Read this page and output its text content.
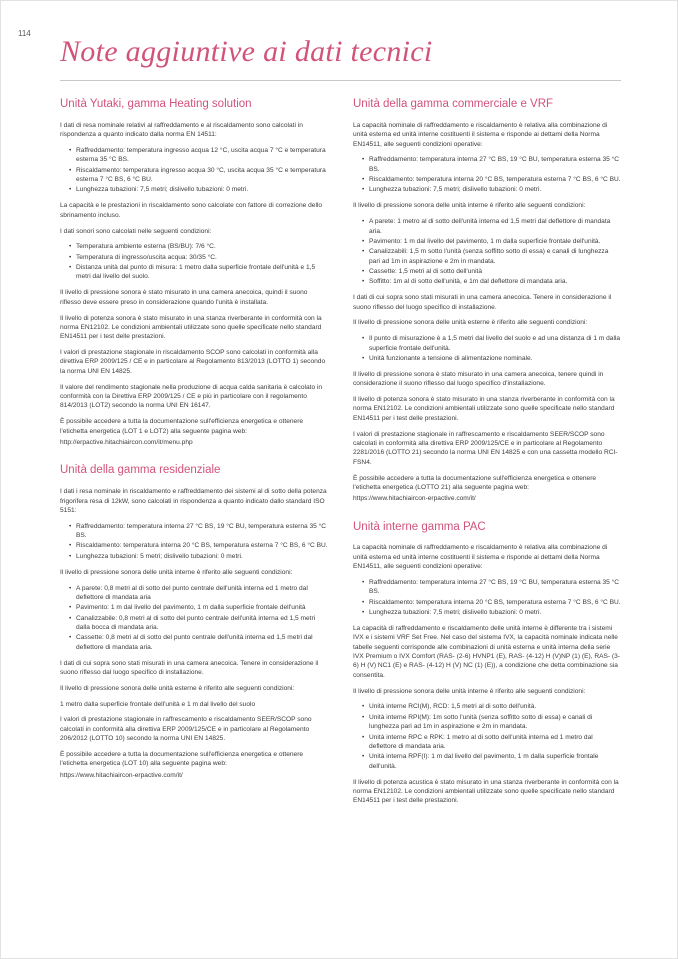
114
Note aggiuntive ai dati tecnici
Unità Yutaki, gamma Heating solution

I dati di resa nominale relativi al raffreddamento e al riscaldamento sono calcolati in rispondenza a quanto indicato dalla norma EN 14511:

• Raffreddamento: temperatura ingresso acqua 12 °C, uscita acqua 7 °C e temperatura esterna 35 °C BS.
• Riscaldamento: temperatura ingresso acqua 30 °C, uscita acqua 35 °C e temperatura esterna 7 °C BS, 6 °C BU.
• Lunghezza tubazioni: 7,5 metri; dislivello tubazioni: 0 metri.

La capacità e le prestazioni in riscaldamento sono calcolate con fattore di correzione dello sbrinamento incluso.

I dati sonori sono calcolati nelle seguenti condizioni:

• Temperatura ambiente esterna (BS/BU): 7/6 °C.
• Temperatura di ingresso/uscita acqua: 30/35 °C.
• Distanza unità dal punto di misura: 1 metro dalla superficie frontale dell'unità e 1,5 metri dal livello del suolo.

Il livello di pressione sonora è stato misurato in una camera anecoica, quindi il suono riflesso deve essere preso in considerazione quando l'unità è installata.

Il livello di potenza sonora è stato misurato in una stanza riverberante in conformità con la norma EN12102. Le condizioni ambientali utilizzate sono quelle specificate nello standard EN14511 per i test delle prestazioni.

I valori di prestazione stagionale in riscaldamento SCOP sono calcolati in conformità alla direttiva ERP 2009/125 / CE e in particolare al Regolamento 813/2013 (LOTTO 1) secondo la norma UNI EN 14825.

Il valore del rendimento stagionale nella produzione di acqua calda sanitaria è calcolato in conformità con la Direttiva ERP 2009/125 / CE e più in particolare con il regolamento 814/2013 (LOT2) secondo la norma UNI EN 16147.

È possibile accedere a tutta la documentazione sull'efficienza energetica e ottenere l'etichetta energetica (LOT 1 e LOT2) alla seguente pagina web:

http://erpactive.hitachiaircon.com/it/menu.php
Unità della gamma residenziale

I dati i resa nominale in riscaldamento e raffreddamento dei sistemi al di sotto della potenza frigorifera resa di 12kW, sono calcolati in rispondenza a quanto indicato dallo standard ISO 5151:

• Raffreddamento: temperatura interna 27 °C BS, 19 °C BU, temperatura esterna 35 °C BS.
• Riscaldamento: temperatura interna 20 °C BS, temperatura esterna 7 °C BS, 6 °C BU.
• Lunghezza tubazioni: 5 metri; dislivello tubazioni: 0 metri.

Il livello di pressione sonora delle unità interne è riferito alle seguenti condizioni:

• A parete: 0,8 metri al di sotto del punto centrale dell'unità interna ed 1 metro dal deflettore di mandata aria
• Pavimento: 1 m dal livello del pavimento, 1 m dalla superficie frontale dell'unità
• Canalizzabile: 0,8 metri al di sotto del punto centrale dell'unità interna ed 1,5 metri dalla bocca di mandata aria.
• Cassette: 0,8 metri al di sotto del punto centrale dell'unità interna ed 1,5 metri dal deflettore di mandata aria.

I dati di cui sopra sono stati misurati in una camera anecoica. Tenere in considerazione il suono riflesso dal luogo specifico di installazione.

Il livello di pressione sonora delle unità esterne è riferito alle seguenti condizioni:

1 metro dalla superficie frontale dell'unità e 1 m dal livello del suolo

I valori di prestazione stagionale in raffrescamento e riscaldamento SEER/SCOP sono calcolati in conformità alla direttiva ERP 2009/125/CE e in particolare al Regolamento 206/2012 (LOTTO 10) secondo la norma UNI EN 14825.

È possibile accedere a tutta la documentazione sull'efficienza energetica e ottenere l'etichetta energetica (LOT 10) alla seguente pagina web:

https://www.hitachiaircon-erpactive.com/it/
Unità della gamma commerciale e VRF

La capacità nominale di raffreddamento e riscaldamento è relativa alla combinazione di unità esterna ed unità interne costituenti il sistema e risponde ai dettami della Norma EN14511, alle seguenti condizioni operative:

• Raffreddamento: temperatura interna 27 °C BS, 19 °C BU, temperatura esterna 35 °C BS.
• Riscaldamento: temperatura interna 20 °C BS, temperatura esterna 7 °C BS, 6 °C BU.
• Lunghezza tubazioni: 7,5 metri; dislivello tubazioni: 0 metri.

Il livello di pressione sonora delle unità interne è riferito alle seguenti condizioni:

• A parete: 1 metro al di sotto dell'unità interna ed 1,5 metri dal deflettore di mandata aria.
• Pavimento: 1 m dal livello del pavimento, 1 m dalla superficie frontale dell'unità.
• Canalizzabili: 1,5 m sotto l'unità (senza soffitto sotto di essa) e canali di lunghezza pari ad 1m in aspirazione e 2m in mandata.
• Cassette: 1,5 metri al di sotto dell'unità
• Soffitto: 1m al di sotto dell'unità, e 1m dal deflettore di mandata aria.

I dati di cui sopra sono stati misurati in una camera anecoica. Tenere in considerazione il suono riflesso del luogo specifico di installazione.

Il livello di pressione sonora delle unità esterne è riferito alle seguenti condizioni:

• Il punto di misurazione è a 1,5 metri dal livello del suolo e ad una distanza di 1 m dalla superficie frontale dell'unità.
• Unità funzionante a tensione di alimentazione nominale.

Il livello di pressione sonora è stato misurato in una camera anecoica, tenere quindi in considerazione il suono riflesso dal luogo specifico d'installazione.

Il livello di potenza sonora è stato misurato in una stanza riverberante in conformità con la norma EN12102. Le condizioni ambientali utilizzate sono quelle specificate nello standard EN14511 per i test delle prestazioni.

I valori di prestazione stagionale in raffrescamento e riscaldamento SEER/SCOP sono calcolati in conformità alla direttiva ERP 2009/125/CE e in particolare al Regolamento 2281/2016 (LOTTO 21) secondo la norma UNI EN 14825 e con una cassetta modello RCI-FSN4.

È possibile accedere a tutta la documentazione sull'efficienza energetica e ottenere l'etichetta energetica (LOTTO 21) alla seguente pagina web:

https://www.hitachiaircon-erpactive.com/it/
Unità interne gamma PAC

La capacità nominale di raffreddamento e riscaldamento è relativa alla combinazione di unità esterna ed unità interne costituenti il sistema e risponde ai dettami della Norma EN14511, alle seguenti condizioni operative:

• Raffreddamento: temperatura interna 27 °C BS, 19 °C BU, temperatura esterna 35 °C BS.
• Riscaldamento: temperatura interna 20 °C BS, temperatura esterna 7 °C BS, 6 °C BU.
• Lunghezza tubazioni: 7,5 metri; dislivello tubazioni: 0 metri.

La capacità di raffreddamento e riscaldamento delle unità interne è differente tra i sistemi IVX e i sistemi VRF Set Free. Nel caso del sistema IVX, la capacità nominale indicata nelle tabelle seguenti corrisponde alle combinazioni di unità esterna e unità interna della serie IVX Premium o IVX Comfort (RAS- (2-6) HVNP1 (E), RAS- (4-12) H (V)NP (1) (E), RAS- (3-6) H (V) NC1 (E) e RAS- (4-12) H (V) NC (1) (E)), a condizione che detta combinazione sia consentita.

Il livello di pressione sonora delle unità interne è riferito alle seguenti condizioni:

• Unità interne RCI(M), RCD: 1,5 metri al di sotto dell'unità.
• Unità interne RPI(M): 1m sotto l'unità (senza soffitto sotto di essa) e canali di lunghezza pari ad 1m in aspirazione e 2m in mandata.
• Unità interne RPC e RPK: 1 metro al di sotto dell'unità interna ed 1 metro dal deflettore di mandata aria.
• Unità interna RPF(I): 1 m dal livello del pavimento, 1 m dalla superficie frontale dell'unità.

Il livello di potenza acustica è stato misurato in una stanza riverberante in conformità con la norma EN12102. Le condizioni ambientali utilizzate sono quelle specificate nello standard EN14511 per i test delle prestazioni.
